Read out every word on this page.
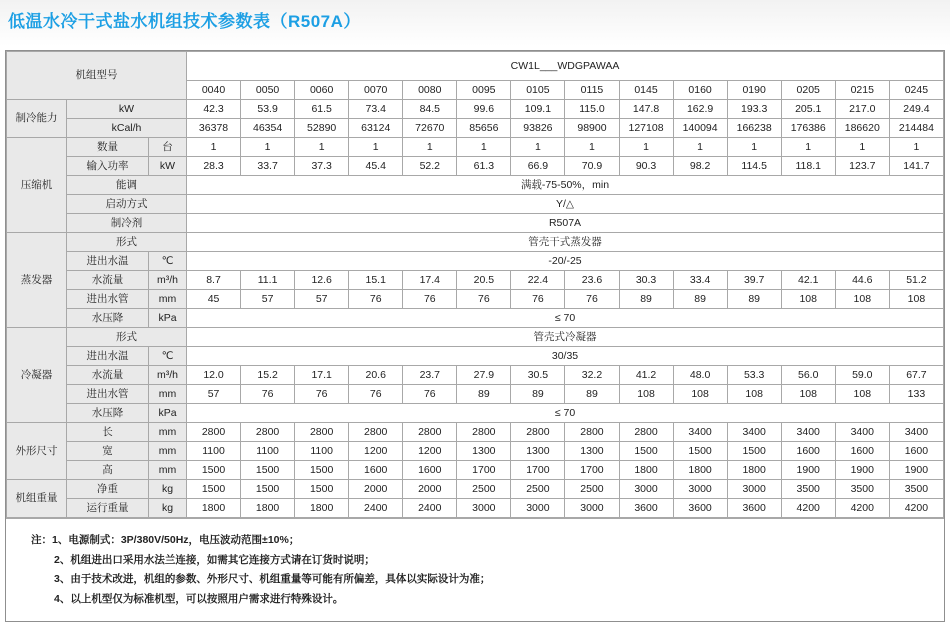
低温水冷干式盐水机组技术参数表（R507A）
机组型号			CW1L___WDGPAWAA													
			0040	0050	0060	0070	0080	0095	0105	0115	0145	0160	0190	0205	0215	0245
制冷能力	kW		42.3	53.9	61.5	73.4	84.5	99.6	109.1	115.0	147.8	162.9	193.3	205.1	217.0	249.4
	kCal/h		36378	46354	52890	63124	72670	85656	93826	98900	127108	140094	166238	176386	186620	214484
压缩机	数量	台	1	1	1	1	1	1	1	1	1	1	1	1	1	1
	输入功率	kW	28.3	33.7	37.3	45.4	52.2	61.3	66.9	70.9	90.3	98.2	114.5	118.1	123.7	141.7
	能调		满载-75-50%，min													
	启动方式		Y/△													
	制冷剂		R507A													
蒸发器	形式		管壳干式蒸发器													
	进出水温	℃	-20/-25													
	水流量	m³/h	8.7	11.1	12.6	15.1	17.4	20.5	22.4	23.6	30.3	33.4	39.7	42.1	44.6	51.2
	进出水管	mm	45	57	57	76	76	76	76	76	89	89	89	108	108	108
	水压降	kPa	≤ 70													
冷凝器	形式		管壳式冷凝器													
	进出水温	℃	30/35													
	水流量	m³/h	12.0	15.2	17.1	20.6	23.7	27.9	30.5	32.2	41.2	48.0	53.3	56.0	59.0	67.7
	进出水管	mm	57	76	76	76	76	89	89	89	108	108	108	108	108	133
	水压降	kPa	≤ 70													
外形尺寸	长	mm	2800	2800	2800	2800	2800	2800	2800	2800	2800	3400	3400	3400	3400	3400
	宽	mm	1100	1100	1100	1200	1200	1300	1300	1300	1500	1500	1500	1600	1600	1600
	高	mm	1500	1500	1500	1600	1600	1700	1700	1700	1800	1800	1800	1900	1900	1900
机组重量	净重	kg	1500	1500	1500	2000	2000	2500	2500	2500	3000	3000	3000	3500	3500	3500
	运行重量	kg	1800	1800	1800	2400	2400	3000	3000	3000	3600	3600	3600	4200	4200	4200
注：1、电源制式：3P/380V/50Hz，电压波动范围±10%；
2、机组进出口采用水法兰连接，如需其它连接方式请在订货时说明；
3、由于技术改进，机组的参数、外形尺寸、机组重量等可能有所偏差，具体以实际设计为准；
4、以上机型仅为标准机型，可以按照用户需求进行特殊设计。
